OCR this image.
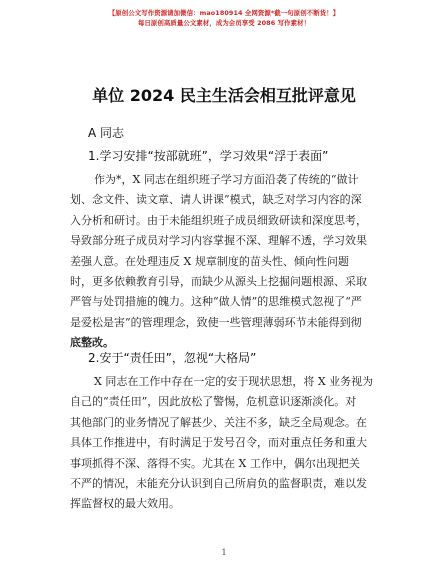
【原创公文写作资源请加微信：mao180914 全网资源*截一句原创不断货！】
每日原创高质量公文素材，成为会员享受 2086 写作素材！
单位 2024 民主生活会相互批评意见
A 同志
1.学习安排“按部就班”，学习效果“浮于表面”
作为*，X 同志在组织班子学习方面沿袭了传统的“做计
划、念文件、读文章、请人讲课”模式，缺乏对学习内容的深
入分析和研讨。由于未能组织班子成员细致研读和深度思考，
导致部分班子成员对学习内容掌握不深、理解不透，学习效果
差强人意。在处理违反 X 规章制度的苗头性、倾向性问题
时，更多依赖教育引导，而缺少从源头上挖掘问题根源、采取
严管与处罚措施的魄力。这种“做人情”的思维模式忽视了“严
是爱松是害”的管理理念，致使一些管理薄弱环节未能得到彻
底整改。
2.安于“责任田”，忽视“大格局”
X 同志在工作中存在一定的安于现状思想，将 X 业务视为
自己的“责任田”，因此放松了警惕，危机意识逐渐淡化。对
其他部门的业务情况了解甚少、关注不多，缺乏全局观念。在
具体工作推进中，有时满足于发号召令，而对重点任务和重大
事项抓得不深、落得不实。尤其在 X 工作中，偶尔出现把关
不严的情况，未能充分认识到自己所肩负的监督职责，难以发
挥监督权的最大效用。
1
